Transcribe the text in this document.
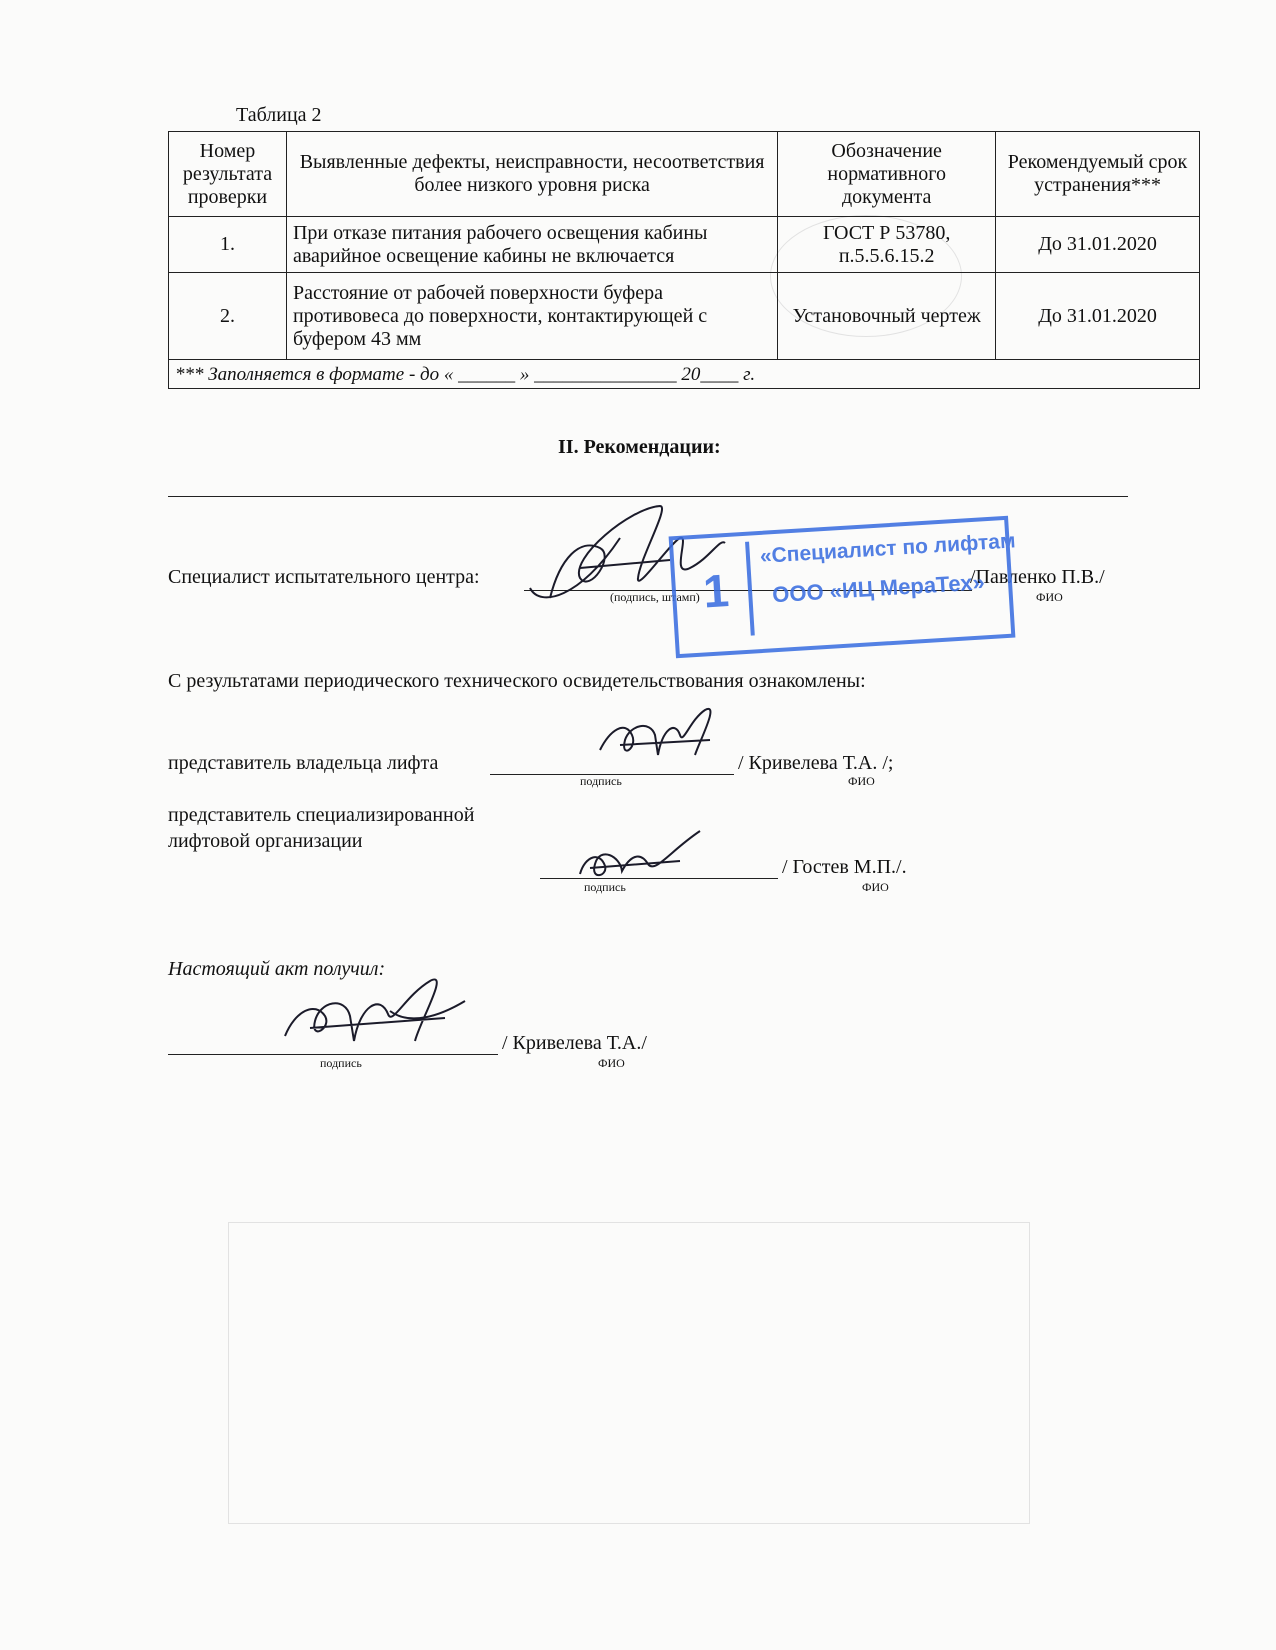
Таблица 2
Номер результата проверки	Выявленные дефекты, неисправности, несоответствия более низкого уровня риска	Обозначение нормативного документа	Рекомендуемый срок устранения***
1.	При отказе питания рабочего освещения кабины аварийное освещение кабины не включается	ГОСТ Р 53780, п.5.5.6.15.2	До 31.01.2020
2.	Расстояние от рабочей поверхности буфера противовеса до поверхности, контактирующей с буфером 43 мм	Установочный чертеж	До 31.01.2020
*** Заполняется в формате - до « ______ » _______________ 20____ г.			
II. Рекомендации:
Специалист испытательного центра:
(подпись, штамп)
/Павленко П.В./
ФИО
1
«Специалист по лифтам
ООО «ИЦ МераТех»
С результатами периодического технического освидетельствования ознакомлены:
представитель владельца лифта
подпись
/ Кривелева Т.А. /;
ФИО
представитель специализированной
лифтовой организации
подпись
/ Гостев М.П./.
ФИО
Настоящий акт получил:
подпись
/ Кривелева Т.А./
ФИО
